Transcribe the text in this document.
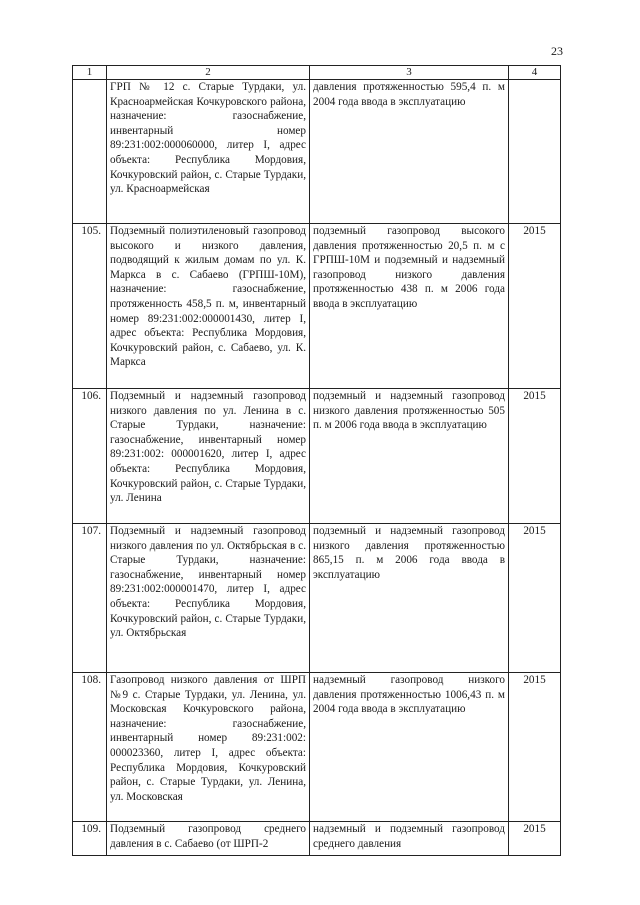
23
1	2	3	4
	ГРП № 12 с. Старые Турдаки, ул. Красноармейская Кочкуровского района, назначение: газоснабжение, инвентарный номер 89:231:002:000060000, литер I, адрес объекта: Республика Мордовия, Кочкуровский район, с. Старые Турдаки, ул. Красноармейская	давления протяженностью 595,4 п. м 2004 года ввода в эксплуатацию	
105.	Подземный полиэтиленовый газопровод высокого и низкого давления, подводящий к жилым домам по ул. К. Маркса в с. Сабаево (ГРПШ-10М), назначение: газоснабжение, протяженность 458,5 п. м, инвентарный номер 89:231:002:000001430, литер I, адрес объекта: Республика Мордовия, Кочкуровский район, с. Сабаево, ул. К. Маркса	подземный газопровод высокого давления протяженностью 20,5 п. м с ГРПШ-10М и подземный и надземный газопровод низкого давления протяженностью 438 п. м 2006 года ввода в эксплуатацию	2015
106.	Подземный и надземный газопровод низкого давления по ул. Ленина в с. Старые Турдаки, назначение: газоснабжение, инвентарный номер 89:231:002: 000001620, литер I, адрес объекта: Республика Мордовия, Кочкуровский район, с. Старые Турдаки, ул. Ленина	подземный и надземный газопровод низкого давления протяженностью 505 п. м 2006 года ввода в эксплуатацию	2015
107.	Подземный и надземный газопровод низкого давления по ул. Октябрьская в с. Старые Турдаки, назначение: газоснабжение, инвентарный номер 89:231:002:000001470, литер I, адрес объекта: Республика Мордовия, Кочкуровский район, с. Старые Турдаки, ул. Октябрьская	подземный и надземный газопровод низкого давления протяженностью 865,15 п. м 2006 года ввода в эксплуатацию	2015
108.	Газопровод низкого давления от ШРП №9 с. Старые Турдаки, ул. Ленина, ул. Московская Кочкуровского района, назначение: газоснабжение, инвентарный номер 89:231:002: 000023360, литер I, адрес объекта: Республика Мордовия, Кочкуровский район, с. Старые Турдаки, ул. Ленина, ул. Московская	надземный газопровод низкого давления протяженностью 1006,43 п. м 2004 года ввода в эксплуатацию	2015
109.	Подземный газопровод среднего давления в с. Сабаево (от ШРП-2	надземный и подземный газопровод среднего давления	2015
